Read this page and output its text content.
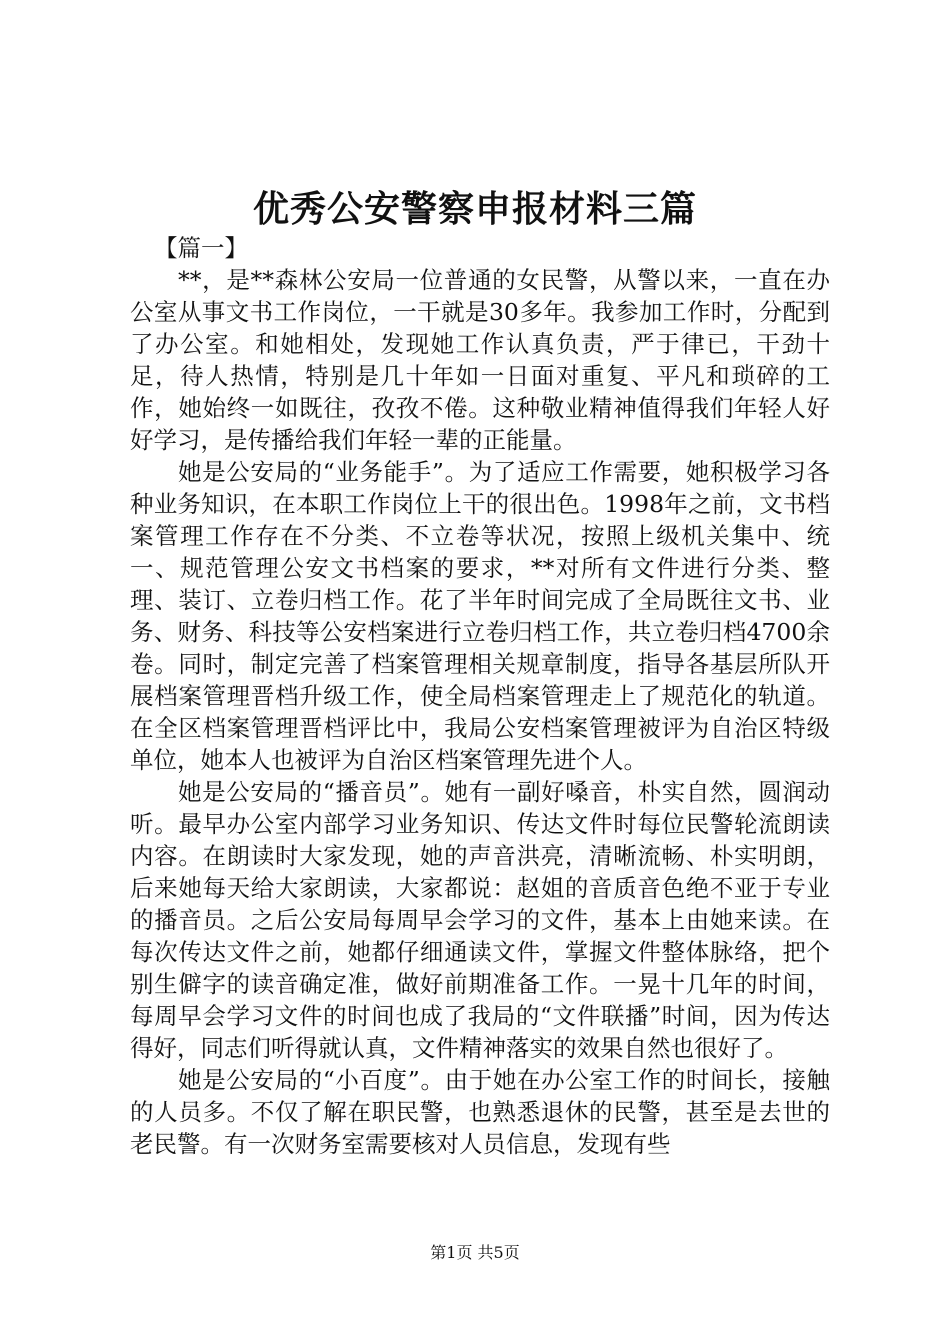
优秀公安警察申报材料三篇

【篇一】

**，是**森林公安局一位普通的女民警，从警以来，一直在办公室从事文书工作岗位，一干就是30多年。我参加工作时，分配到了办公室。和她相处，发现她工作认真负责，严于律已，干劲十足，待人热情，特别是几十年如一日面对重复、平凡和琐碎的工作，她始终一如既往，孜孜不倦。这种敬业精神值得我们年轻人好好学习，是传播给我们年轻一辈的正能量。

她是公安局的“业务能手”。为了适应工作需要，她积极学习各种业务知识，在本职工作岗位上干的很出色。1998年之前，文书档案管理工作存在不分类、不立卷等状况，按照上级机关集中、统一、规范管理公安文书档案的要求，**对所有文件进行分类、整理、装订、立卷归档工作。花了半年时间完成了全局既往文书、业务、财务、科技等公安档案进行立卷归档工作，共立卷归档4700余卷。同时，制定完善了档案管理相关规章制度，指导各基层所队开展档案管理晋档升级工作，使全局档案管理走上了规范化的轨道。在全区档案管理晋档评比中，我局公安档案管理被评为自治区特级单位，她本人也被评为自治区档案管理先进个人。

她是公安局的“播音员”。她有一副好嗓音，朴实自然，圆润动听。最早办公室内部学习业务知识、传达文件时每位民警轮流朗读内容。在朗读时大家发现，她的声音洪亮，清晰流畅、朴实明朗，后来她每天给大家朗读，大家都说：赵姐的音质音色绝不亚于专业的播音员。之后公安局每周早会学习的文件，基本上由她来读。在每次传达文件之前，她都仔细通读文件，掌握文件整体脉络，把个别生僻字的读音确定准，做好前期准备工作。一晃十几年的时间，每周早会学习文件的时间也成了我局的“文件联播”时间，因为传达得好，同志们听得就认真，文件精神落实的效果自然也很好了。

她是公安局的“小百度”。由于她在办公室工作的时间长，接触的人员多。不仅了解在职民警，也熟悉退休的民警，甚至是去世的老民警。有一次财务室需要核对人员信息，发现有些

第1页 共5页
